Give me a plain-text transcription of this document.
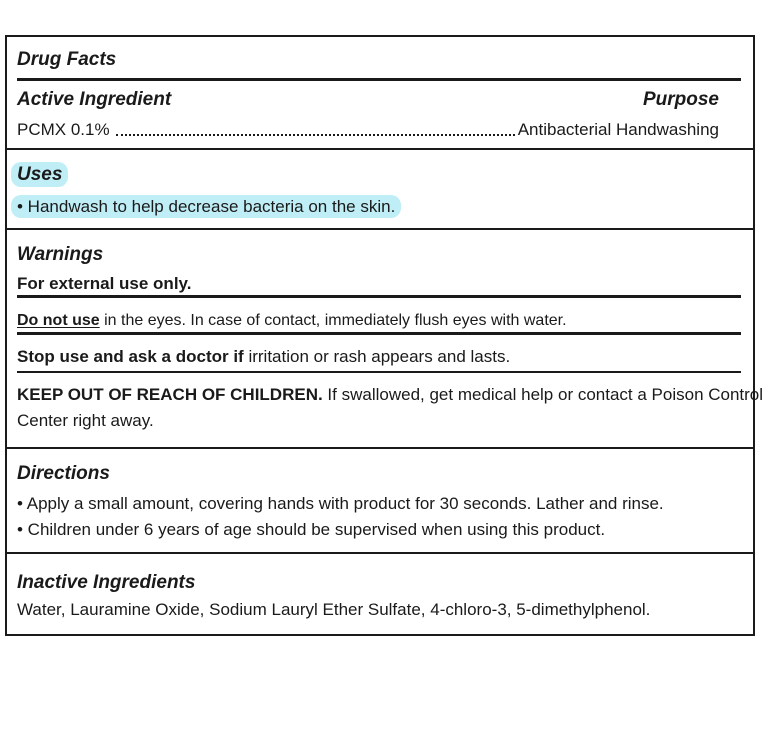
Drug Facts
Active Ingredient	Purpose
PCMX 0.1%	Antibacterial Handwashing
Uses
• Handwash to help decrease bacteria on the skin.
Warnings
For external use only.
Do not use in the eyes. In case of contact, immediately flush eyes with water.
Stop use and ask a doctor if irritation or rash appears and lasts.
KEEP OUT OF REACH OF CHILDREN. If swallowed, get medical help or contact a Poison Control
Center right away.
Directions
• Apply a small amount, covering hands with product for 30 seconds. Lather and rinse.
• Children under 6 years of age should be supervised when using this product.
Inactive Ingredients
Water, Lauramine Oxide, Sodium Lauryl Ether Sulfate, 4-chloro-3, 5-dimethylphenol.
